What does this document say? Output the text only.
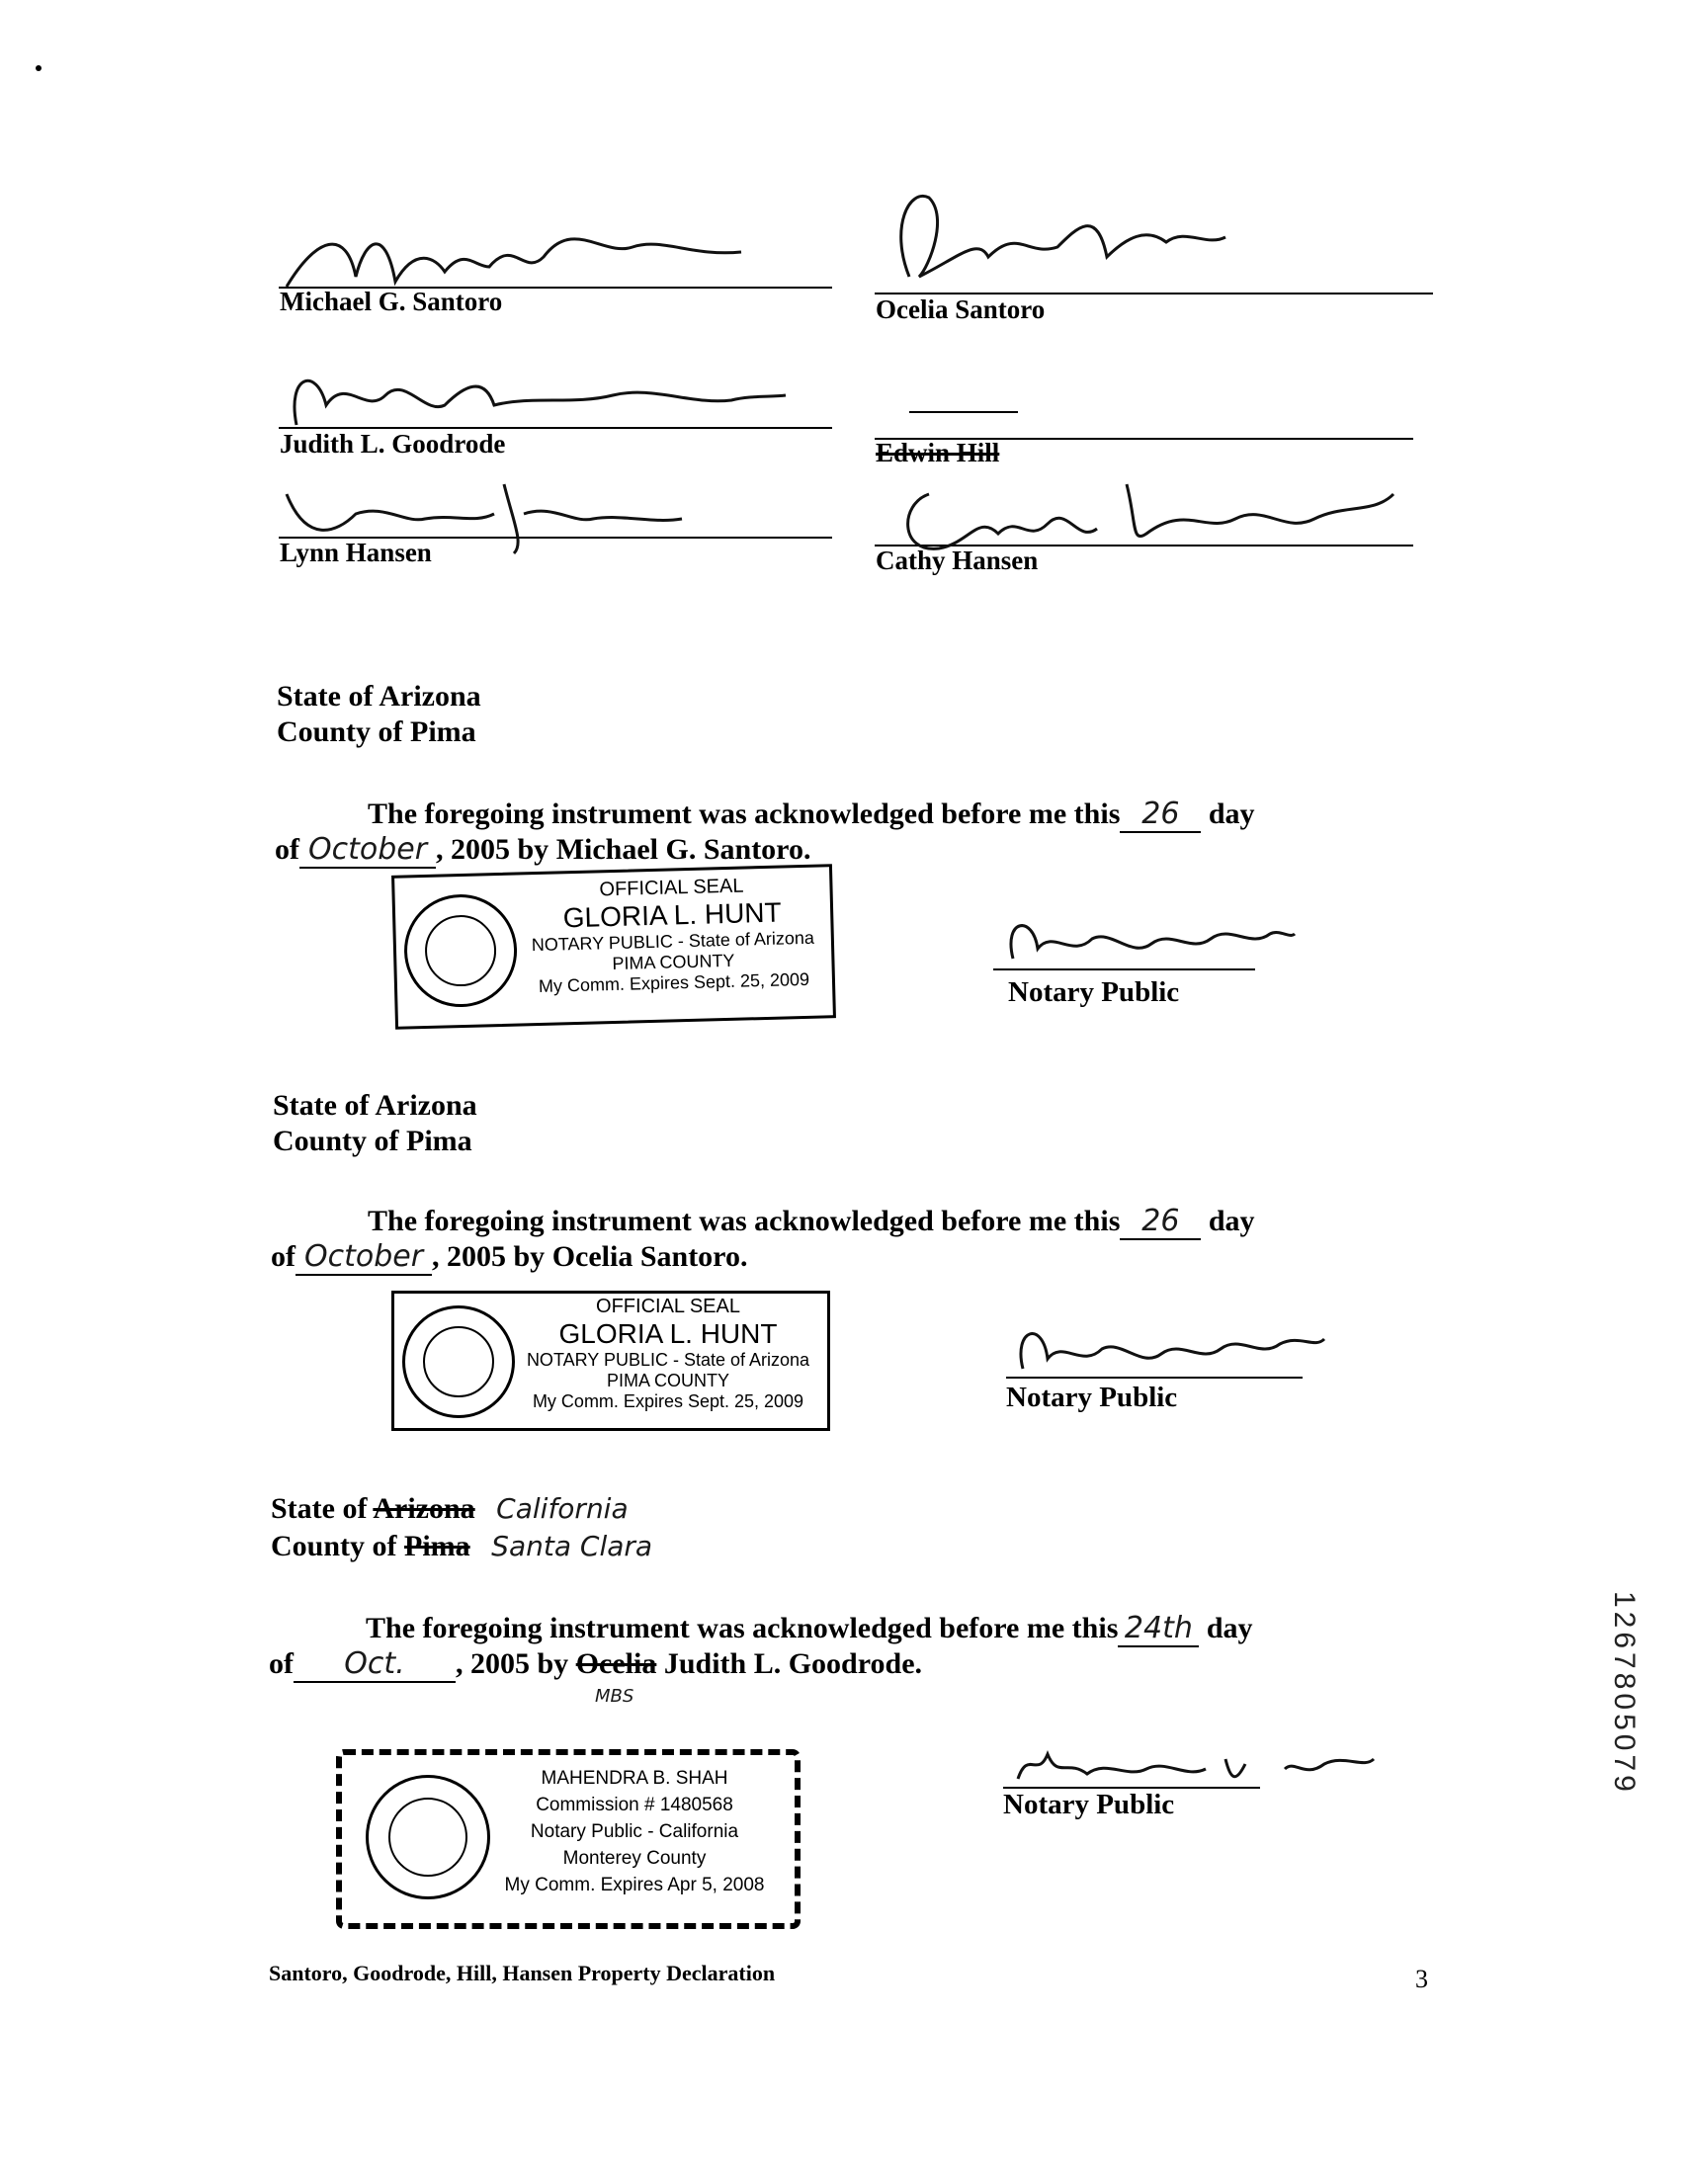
Michael G. Santoro	Ocelia Santoro
Judith L. Goodrode	Edwin Hill
Lynn Hansen	Cathy Hansen
State of Arizona
County of Pima
The foregoing instrument was acknowledged before me this 26 day
of October , 2005 by Michael G. Santoro.
OFFICIAL SEAL
GLORIA L. HUNT
NOTARY PUBLIC - State of Arizona
PIMA COUNTY
My Comm. Expires Sept. 25, 2009	Notary Public
State of Arizona
County of Pima
The foregoing instrument was acknowledged before me this 26 day
of October , 2005 by Ocelia Santoro.
OFFICIAL SEAL
GLORIA L. HUNT
NOTARY PUBLIC - State of Arizona
PIMA COUNTY
My Comm. Expires Sept. 25, 2009	Notary Public
State of Arizona California
County of Pima Santa Clara
The foregoing instrument was acknowledged before me this 24th day
of Oct. , 2005 by Ocelia Judith L. Goodrode.
MBS
MAHENDRA B. SHAH
Commission # 1480568
Notary Public - California
Monterey County
My Comm. Expires Apr 5, 2008
Notary Public
Santoro, Goodrode, Hill, Hansen Property Declaration	3
1267805079
